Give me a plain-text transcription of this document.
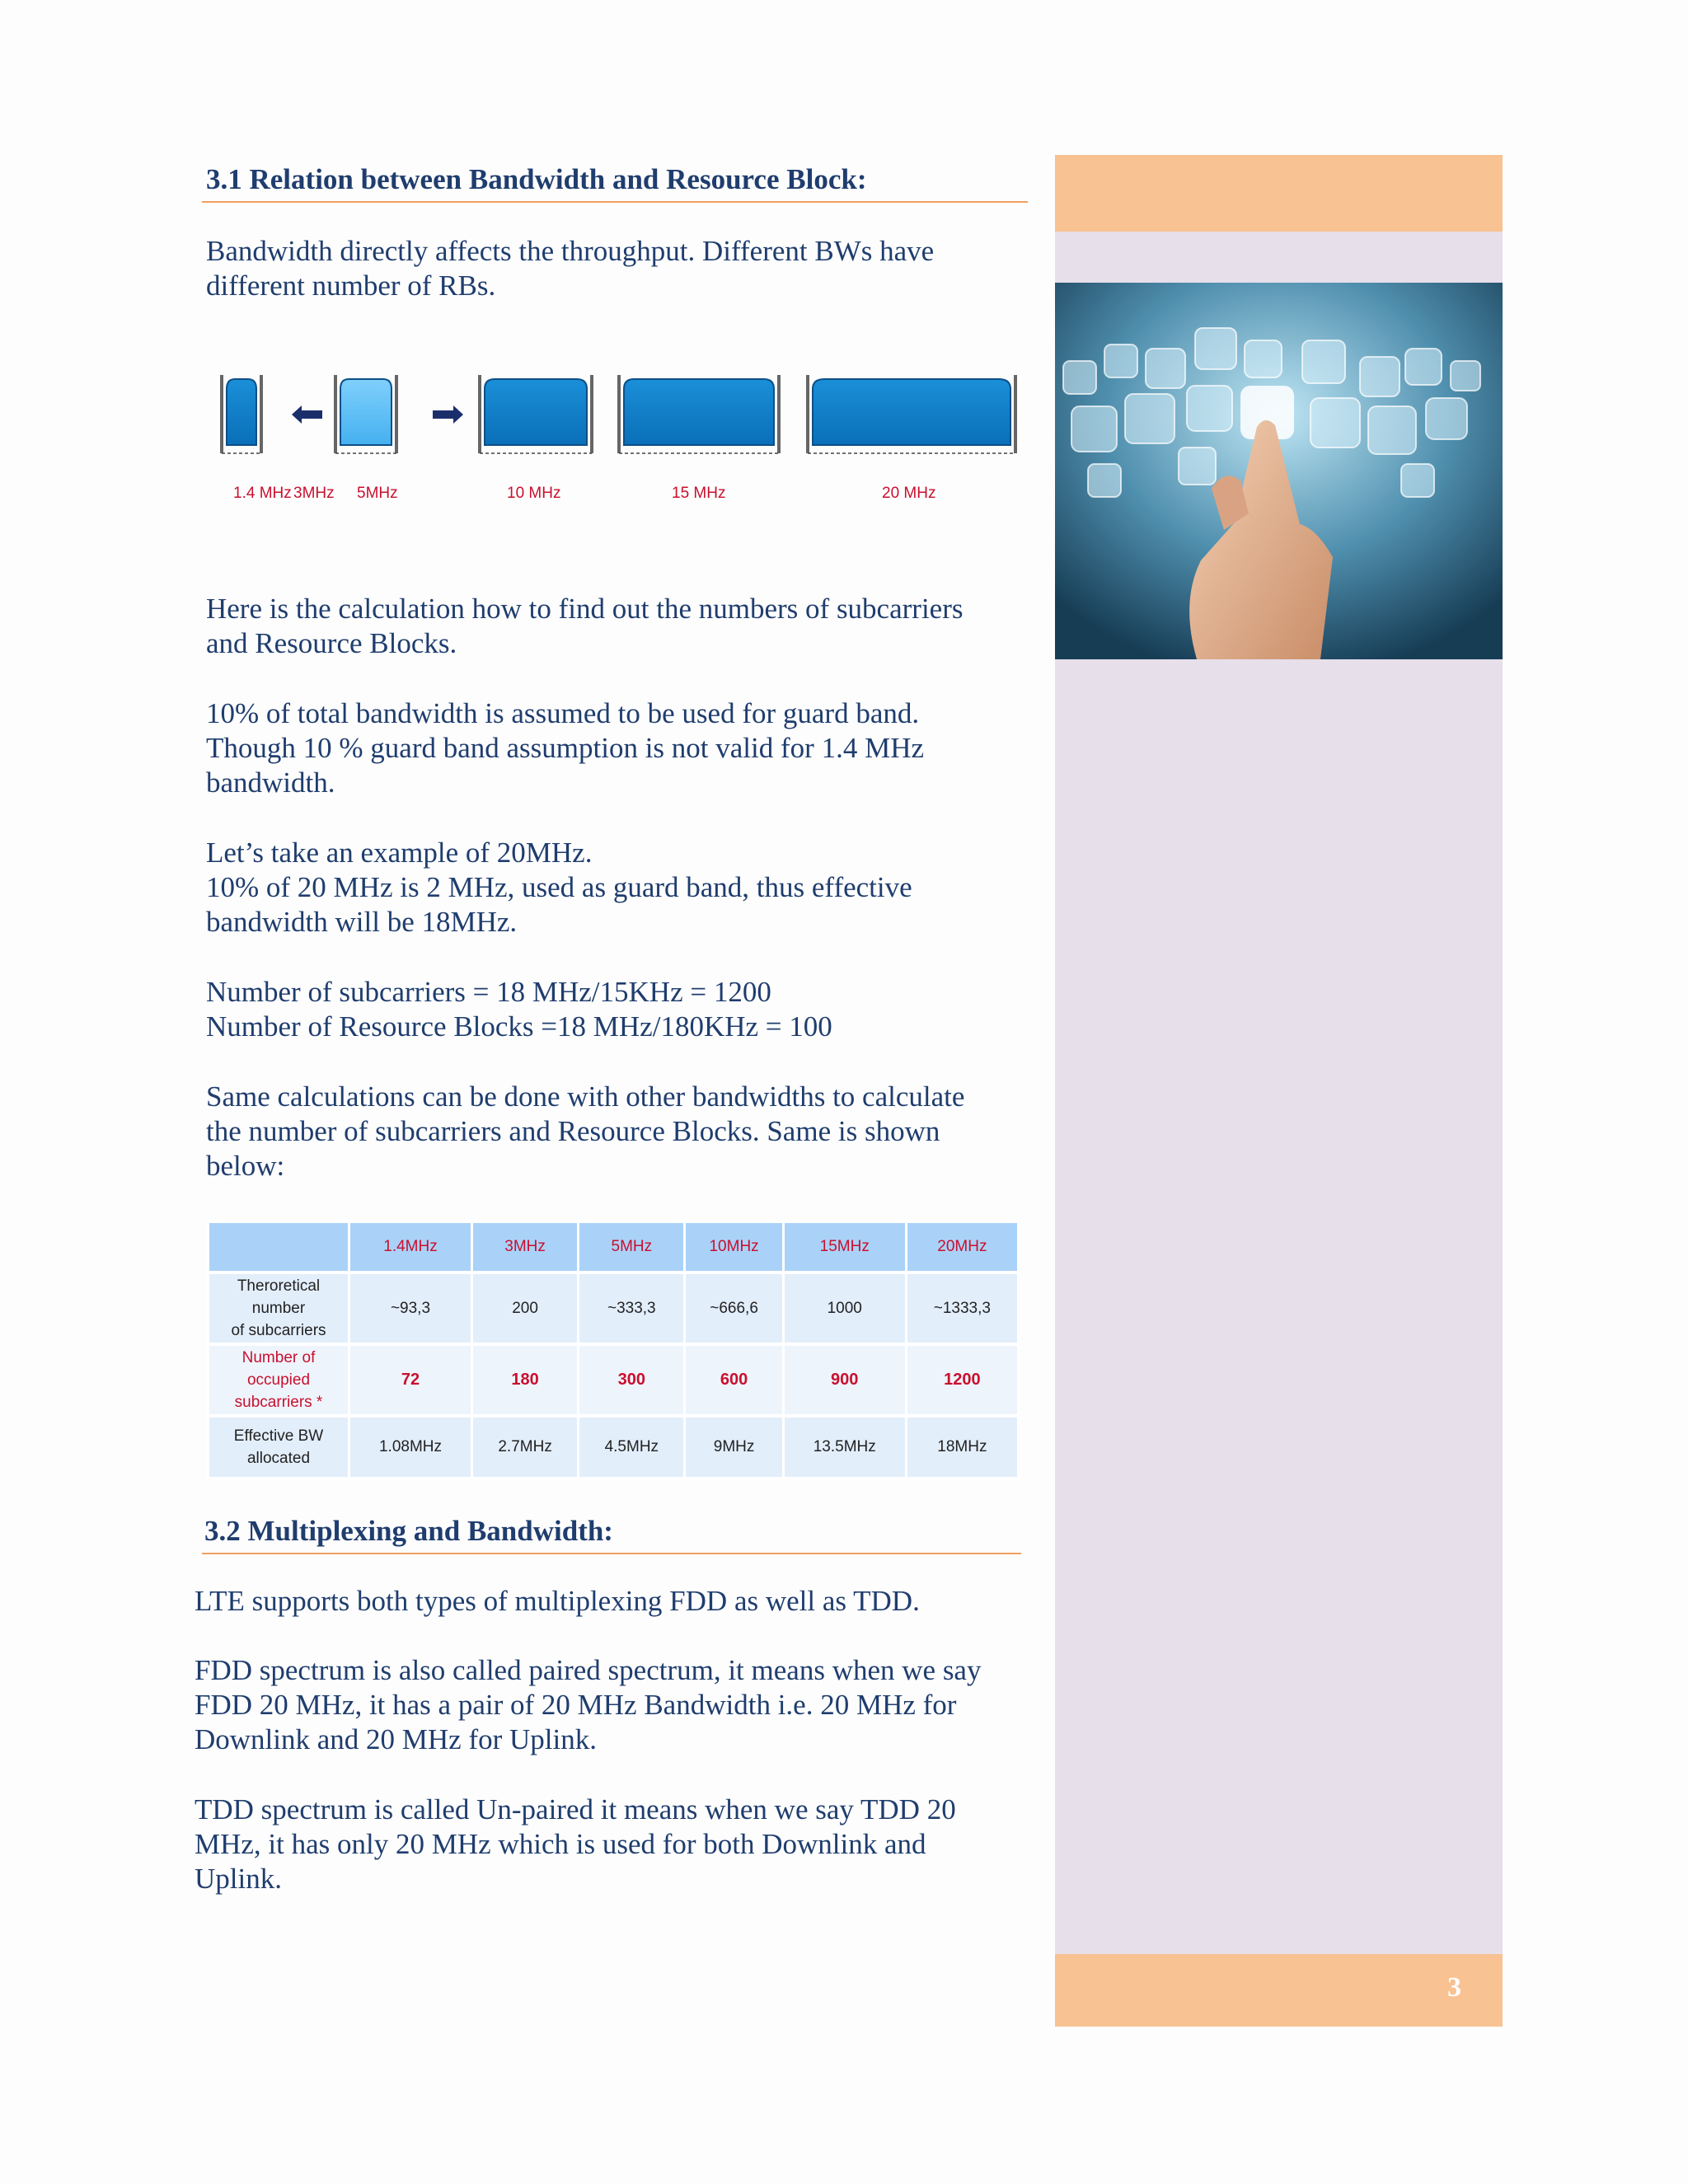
3
3.1 Relation between Bandwidth and Resource Block:

Bandwidth directly affects the throughput. Different BWs have

different number of RBs.

1.4 MHz 3MHz 5MHz	10 MHz	15 MHz	20 MHz

Here is the calculation how to find out the numbers of subcarriers

and Resource Blocks.

10% of total bandwidth is assumed to be used for guard band.

Though 10 % guard band assumption is not valid for 1.4 MHz

bandwidth.

Let’s take an example of 20MHz.

10% of 20 MHz is 2 MHz, used as guard band, thus effective

bandwidth will be 18MHz.

Number of subcarriers = 18 MHz/15KHz = 1200

Number of Resource Blocks =18 MHz/180KHz = 100

Same calculations can be done with other bandwidths to calculate

the number of subcarriers and Resource Blocks. Same is shown

below:

	1.4MHz	3MHz	5MHz	10MHz	15MHz	20MHz
Theroretical number
of subcarriers	~93,3	200	~333,3	~666,6	1000	~1333,3
Number of occupied
subcarriers *	72	180	300	600	900	1200
Effective BW
allocated	1.08MHz	2.7MHz	4.5MHz	9MHz	13.5MHz	18MHz
3.2 Multiplexing and Bandwidth:

LTE supports both types of multiplexing FDD as well as TDD.

FDD spectrum is also called paired spectrum, it means when we say

FDD 20 MHz, it has a pair of 20 MHz Bandwidth i.e. 20 MHz for

Downlink and 20 MHz for Uplink.

TDD spectrum is called Un-paired it means when we say TDD 20

MHz, it has only 20 MHz which is used for both Downlink and

Uplink.
